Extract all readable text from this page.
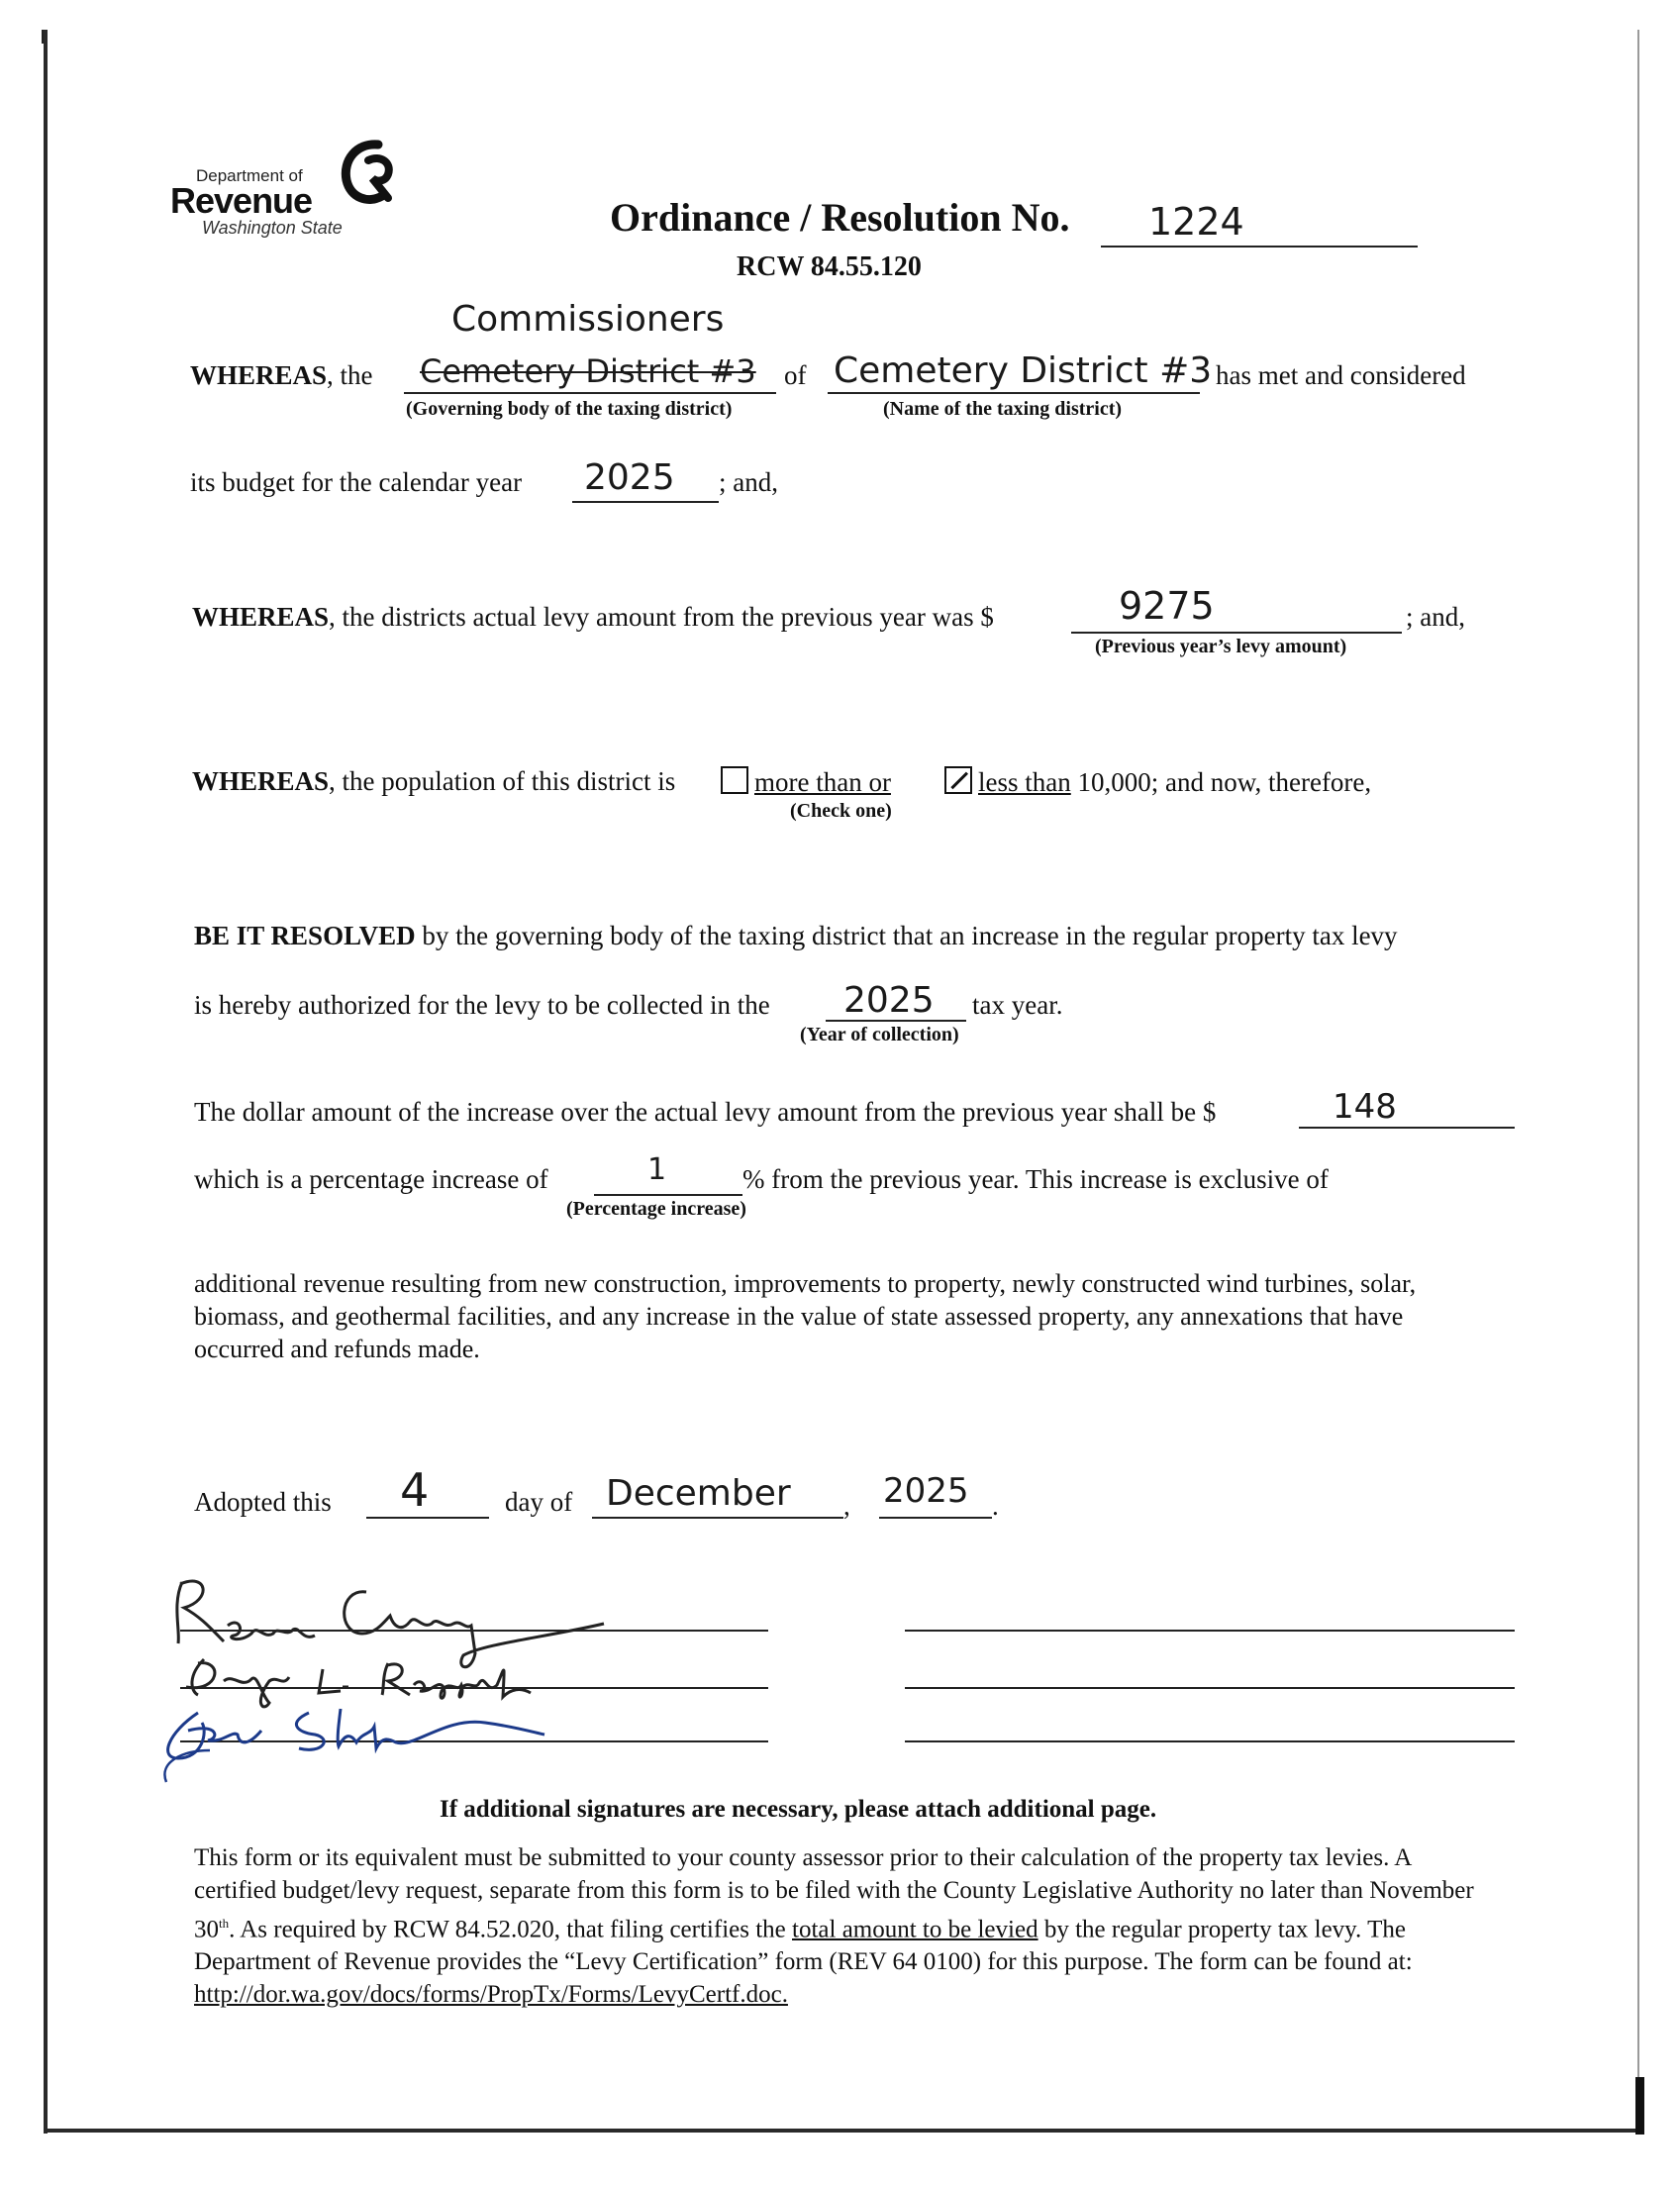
Department of
Revenue
Washington State	Ordinance / Resolution No. 1224
RCW 84.55.120
WHEREAS, the
Commissioners
Cemetery District #3
(Governing body of the taxing district)
of Cemetery District #3
(Name of the taxing district)
has met and considered
its budget for the calendar year 2025 ; and,
WHEREAS, the districts actual levy amount from the previous year was $	9275
(Previous year’s levy amount)
; and,
WHEREAS, the population of this district is	more than or
(Check one)
less than 10,000; and now, therefore,
BE IT RESOLVED by the governing body of the taxing district that an increase in the regular property tax levy
is hereby authorized for the levy to be collected in the 2025
(Year of collection)
tax year.
The dollar amount of the increase over the actual levy amount from the previous year shall be $	148
which is a percentage increase of	1
(Percentage increase)
% from the previous year. This increase is exclusive of
additional revenue resulting from new construction, improvements to property, newly constructed wind turbines, solar, biomass, and geothermal facilities, and any increase in the value of state assessed property, any annexations that have occurred and refunds made.
Adopted this 4	day of December , 2025 .
If additional signatures are necessary, please attach additional page.
This form or its equivalent must be submitted to your county assessor prior to their calculation of the property tax levies. A certified budget/levy request, separate from this form is to be filed with the County Legislative Authority no later than November 30th. As required by RCW 84.52.020, that filing certifies the total amount to be levied by the regular property tax levy. The Department of Revenue provides the “Levy Certification” form (REV 64 0100) for this purpose. The form can be found at: http://dor.wa.gov/docs/forms/PropTx/Forms/LevyCertf.doc.
